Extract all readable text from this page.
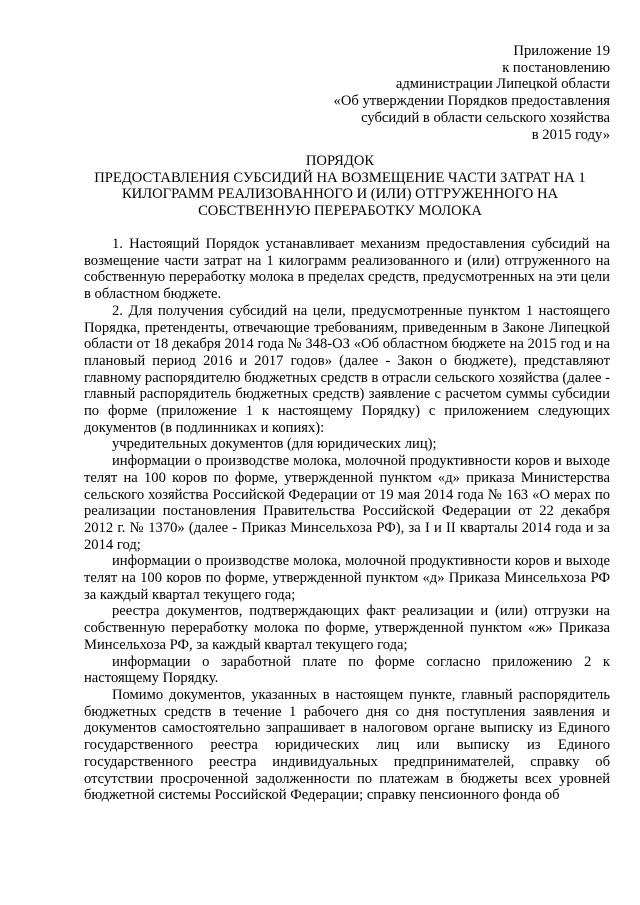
Приложение 19
к постановлению
администрации Липецкой области
«Об утверждении Порядков предоставления
субсидий в области сельского хозяйства
в 2015 году»
ПОРЯДОК
ПРЕДОСТАВЛЕНИЯ СУБСИДИЙ НА ВОЗМЕЩЕНИЕ ЧАСТИ ЗАТРАТ НА 1
КИЛОГРАММ РЕАЛИЗОВАННОГО И (ИЛИ) ОТГРУЖЕННОГО НА
СОБСТВЕННУЮ ПЕРЕРАБОТКУ МОЛОКА

1. Настоящий Порядок устанавливает механизм предоставления субсидий на возмещение части затрат на 1 килограмм реализованного и (или) отгруженного на собственную переработку молока в пределах средств, предусмотренных на эти цели в областном бюджете.

2. Для получения субсидий на цели, предусмотренные пунктом 1 настоящего Порядка, претенденты, отвечающие требованиям, приведенным в Законе Липецкой области от 18 декабря 2014 года № 348-ОЗ «Об областном бюджете на 2015 год и на плановый период 2016 и 2017 годов» (далее - Закон о бюджете), представляют главному распорядителю бюджетных средств в отрасли сельского хозяйства (далее - главный распорядитель бюджетных средств) заявление с расчетом суммы субсидии по форме (приложение 1 к настоящему Порядку) с приложением следующих документов (в подлинниках и копиях):

учредительных документов (для юридических лиц);

информации о производстве молока, молочной продуктивности коров и выходе телят на 100 коров по форме, утвержденной пунктом «д» приказа Министерства сельского хозяйства Российской Федерации от 19 мая 2014 года № 163 «О мерах по реализации постановления Правительства Российской Федерации от 22 декабря 2012 г. № 1370» (далее - Приказ Минсельхоза РФ), за I и II кварталы 2014 года и за 2014 год;

информации о производстве молока, молочной продуктивности коров и выходе телят на 100 коров по форме, утвержденной пунктом «д» Приказа Минсельхоза РФ за каждый квартал текущего года;

реестра документов, подтверждающих факт реализации и (или) отгрузки на собственную переработку молока по форме, утвержденной пунктом «ж» Приказа Минсельхоза РФ, за каждый квартал текущего года;

информации о заработной плате по форме согласно приложению 2 к настоящему Порядку.

Помимо документов, указанных в настоящем пункте, главный распорядитель бюджетных средств в течение 1 рабочего дня со дня поступления заявления и документов самостоятельно запрашивает в налоговом органе выписку из Единого государственного реестра юридических лиц или выписку из Единого государственного реестра индивидуальных предпринимателей, справку об отсутствии просроченной задолженности по платежам в бюджеты всех уровней бюджетной системы Российской Федерации; справку пенсионного фонда об
